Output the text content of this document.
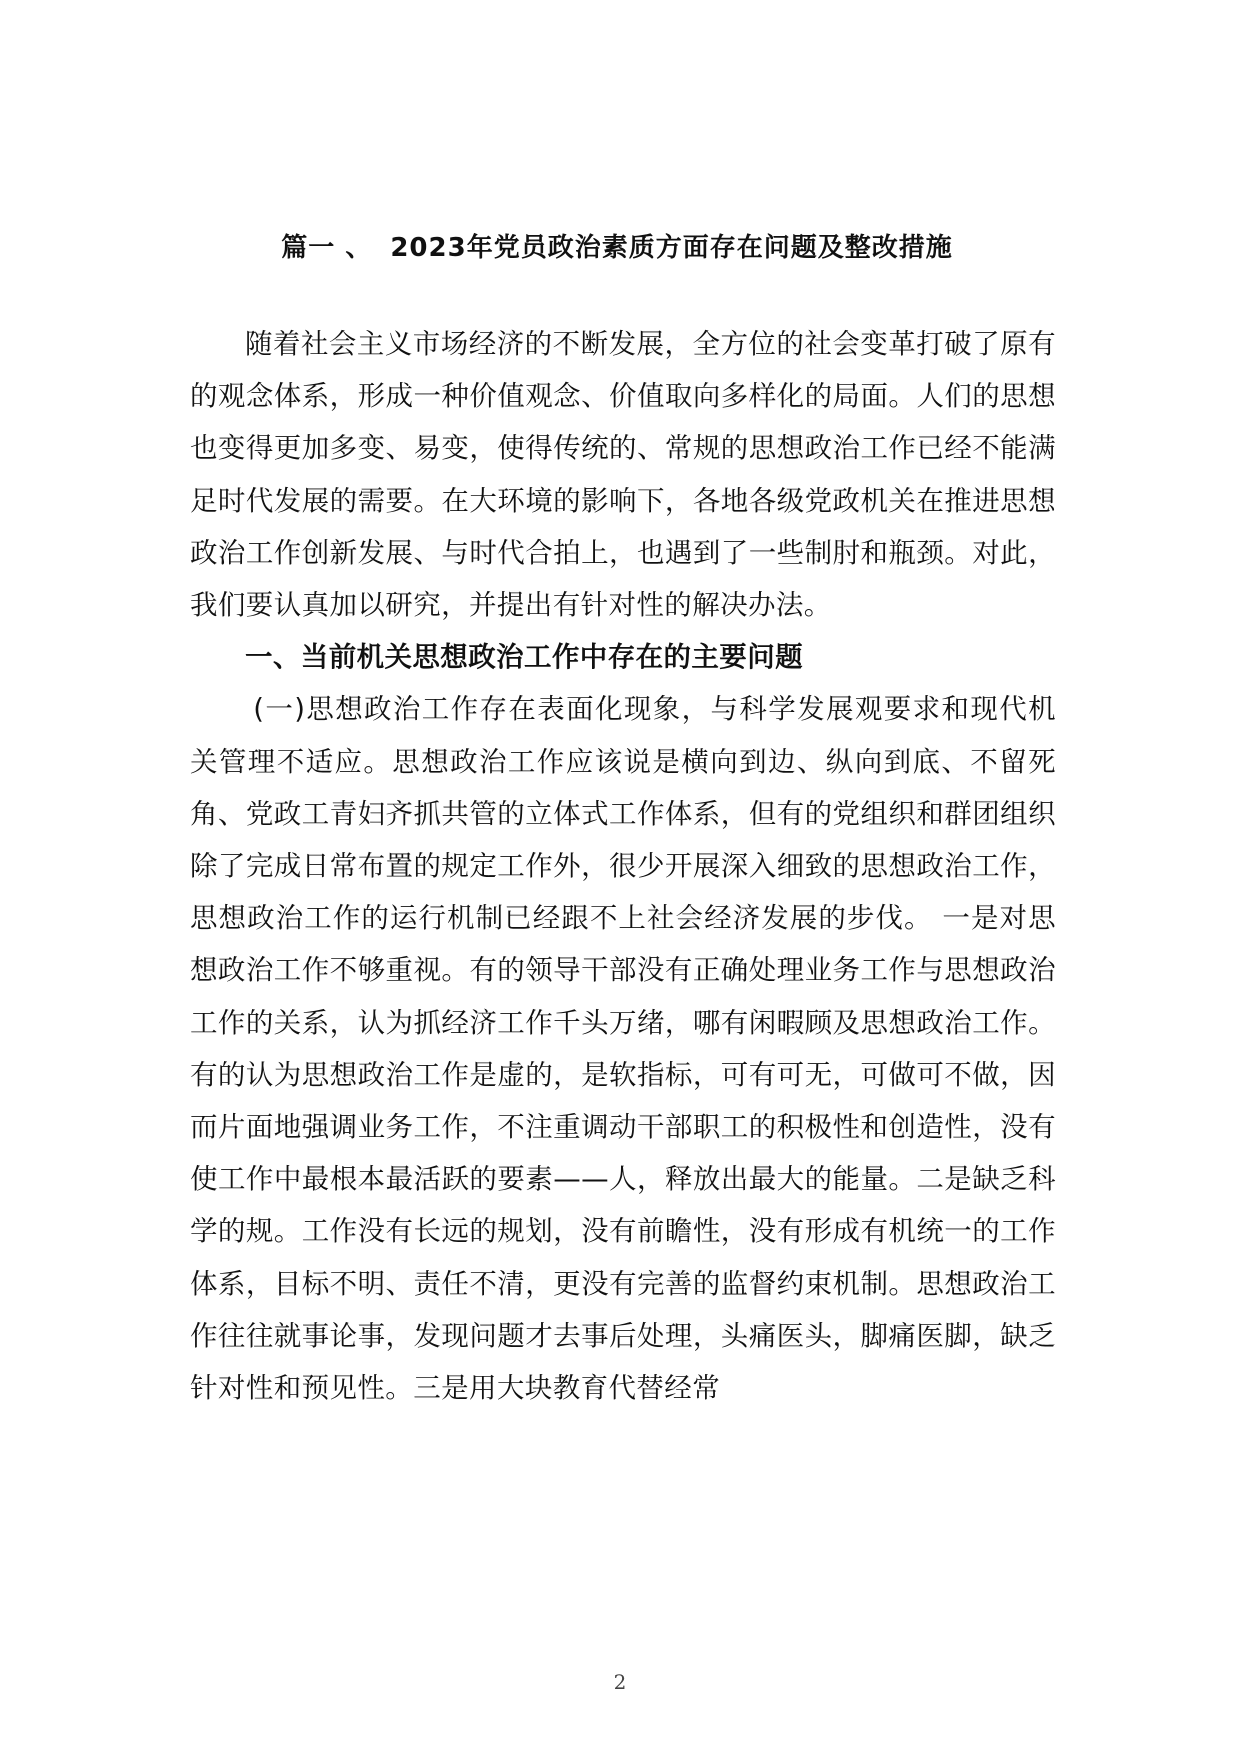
篇一 、 2023年党员政治素质方面存在问题及整改措施

随着社会主义市场经济的不断发展，全方位的社会变革打破了原有的观念体系，形成一种价值观念、价值取向多样化的局面。人们的思想也变得更加多变、易变，使得传统的、常规的思想政治工作已经不能满足时代发展的需要。在大环境的影响下，各地各级党政机关在推进思想政治工作创新发展、与时代合拍上，也遇到了一些制肘和瓶颈。对此，我们要认真加以研究，并提出有针对性的解决办法。

一、当前机关思想政治工作中存在的主要问题

(一)思想政治工作存在表面化现象，与科学发展观要求和现代机关管理不适应。思想政治工作应该说是横向到边、纵向到底、不留死角、党政工青妇齐抓共管的立体式工作体系，但有的党组织和群团组织除了完成日常布置的规定工作外，很少开展深入细致的思想政治工作，思想政治工作的运行机制已经跟不上社会经济发展的步伐。 一是对思想政治工作不够重视。有的领导干部没有正确处理业务工作与思想政治工作的关系，认为抓经济工作千头万绪，哪有闲暇顾及思想政治工作。有的认为思想政治工作是虚的，是软指标，可有可无，可做可不做，因而片面地强调业务工作，不注重调动干部职工的积极性和创造性，没有使工作中最根本最活跃的要素——人，释放出最大的能量。二是缺乏科学的规。工作没有长远的规划，没有前瞻性，没有形成有机统一的工作体系，目标不明、责任不清，更没有完善的监督约束机制。思想政治工作往往就事论事，发现问题才去事后处理，头痛医头，脚痛医脚，缺乏针对性和预见性。三是用大块教育代替经常

2
